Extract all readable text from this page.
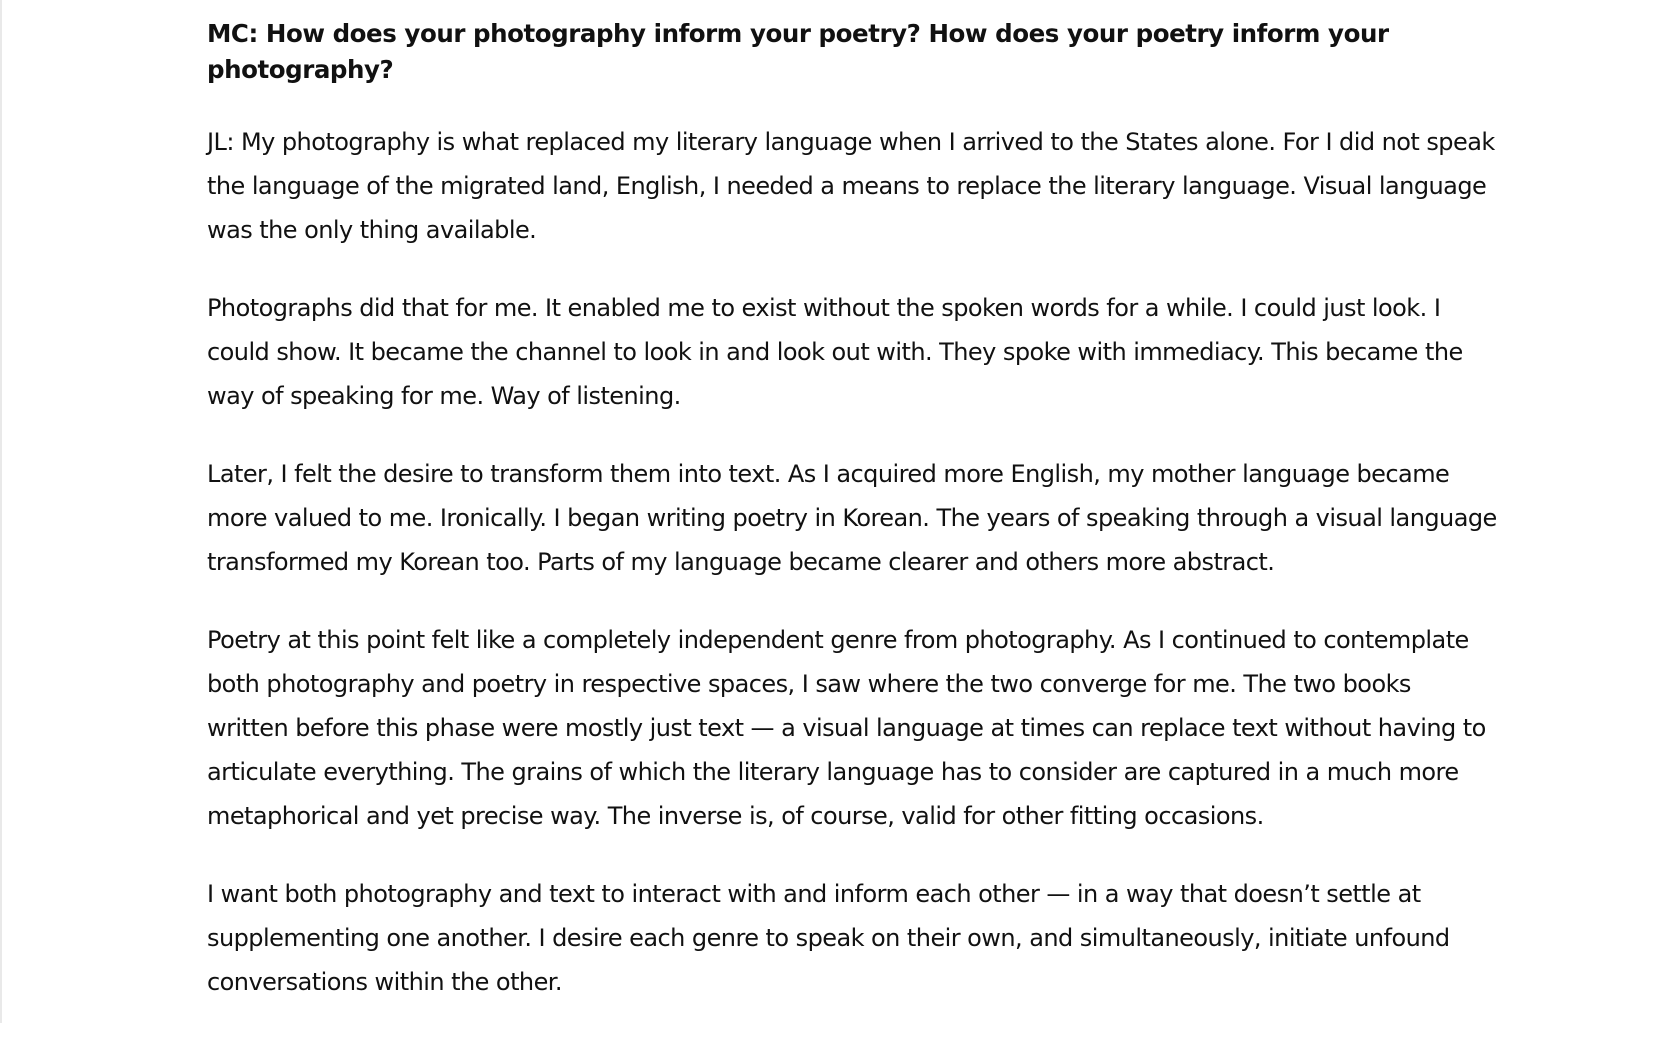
MC: How does your photography inform your poetry? How does your poetry inform your photography?

JL: My photography is what replaced my literary language when I arrived to the States alone. For I did not speak the language of the migrated land, English, I needed a means to replace the literary language. Visual language was the only thing available.

Photographs did that for me. It enabled me to exist without the spoken words for a while. I could just look. I could show. It became the channel to look in and look out with. They spoke with immediacy. This became the way of speaking for me. Way of listening.

Later, I felt the desire to transform them into text. As I acquired more English, my mother language became more valued to me. Ironically. I began writing poetry in Korean. The years of speaking through a visual language transformed my Korean too. Parts of my language became clearer and others more abstract.

Poetry at this point felt like a completely independent genre from photography. As I continued to contemplate both photography and poetry in respective spaces, I saw where the two converge for me. The two books written before this phase were mostly just text — a visual language at times can replace text without having to articulate everything. The grains of which the literary language has to consider are captured in a much more metaphorical and yet precise way. The inverse is, of course, valid for other fitting occasions.

I want both photography and text to interact with and inform each other — in a way that doesn’t settle at supplementing one another. I desire each genre to speak on their own, and simultaneously, initiate unfound conversations within the other.
